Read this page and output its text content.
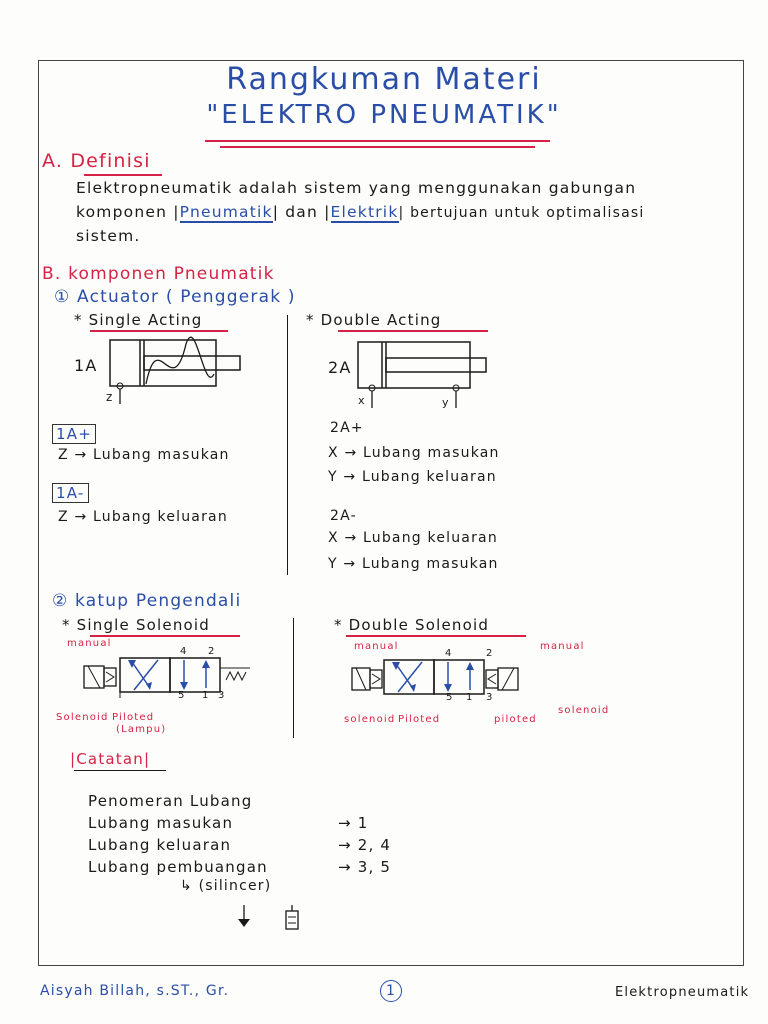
Rangkuman Materi
"ELEKTRO PNEUMATIK"
A. Definisi
Elektropneumatik adalah sistem yang menggunakan gabungan
komponen |Pneumatik| dan |Elektrik| bertujuan untuk optimalisasi
sistem.
B. komponen Pneumatik
① Actuator ( Penggerak )
* Single Acting
1A
z
1A+
Z → Lubang masukan
1A-
Z → Lubang keluaran
* Double Acting
2A
x	y
2A+
X → Lubang masukan
Y → Lubang keluaran
2A-
X → Lubang keluaran
Y → Lubang masukan
② katup Pengendali
* Single Solenoid
manual
4 2
5 1 3
Solenoid Piloted
(Lampu)
* Double Solenoid
manual	manual
4	2
5 1 3
solenoid Piloted	piloted
solenoid
|Catatan|
Penomeran Lubang
Lubang masukan	→ 1
Lubang keluaran	→ 2, 4
Lubang pembuangan	→ 3, 5
↳ (silincer)
Aisyah Billah, s.ST., Gr.	1	Elektropneumatik
